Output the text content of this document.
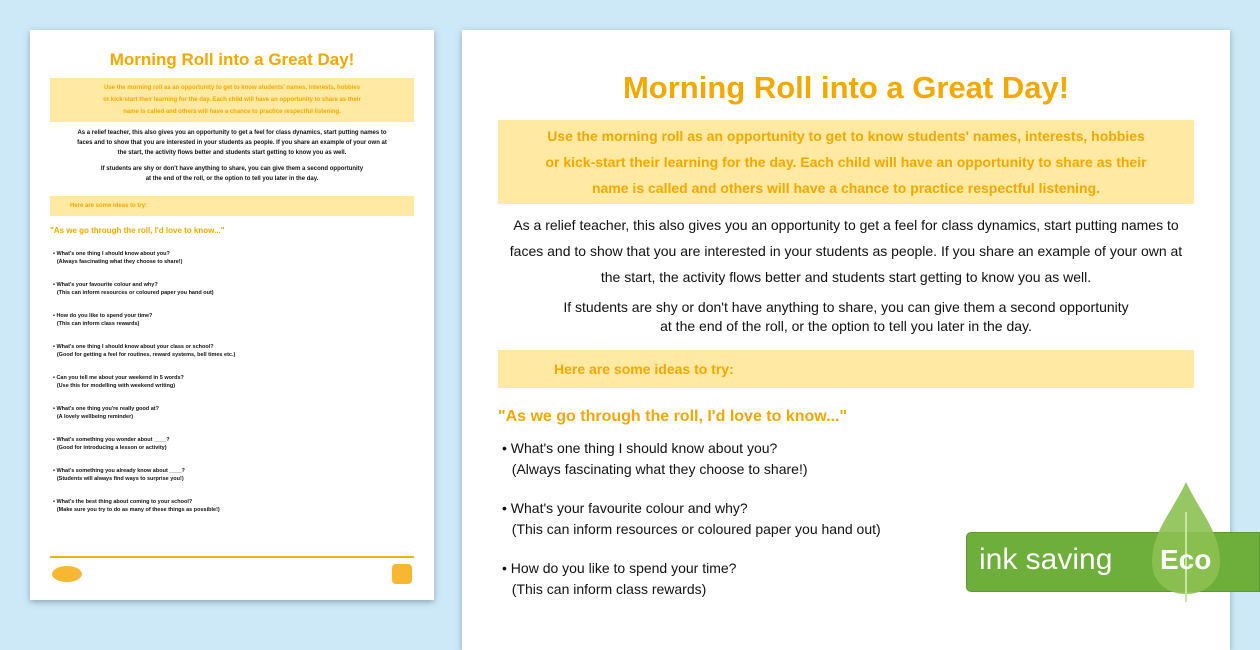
Morning Roll into a Great Day!
Use the morning roll as an opportunity to get to know students' names, interests, hobbies
or kick-start their learning for the day. Each child will have an opportunity to share as their
name is called and others will have a chance to practice respectful listening.
As a relief teacher, this also gives you an opportunity to get a feel for class dynamics, start putting names to
faces and to show that you are interested in your students as people. If you share an example of your own at
the start, the activity flows better and students start getting to know you as well.
If students are shy or don't have anything to share, you can give them a second opportunity
at the end of the roll, or the option to tell you later in the day.
Here are some ideas to try:
"As we go through the roll, I'd love to know..."
• What's one thing I should know about you?
(Always fascinating what they choose to share!)
• What's your favourite colour and why?
(This can inform resources or coloured paper you hand out)
• How do you like to spend your time?
(This can inform class rewards)
• What's one thing I should know about your class or school?
(Good for getting a feel for routines, reward systems, bell times etc.)
• Can you tell me about your weekend in 5 words?
(Use this for modelling with weekend writing)
• What's one thing you're really good at?
(A lovely wellbeing reminder)
• What's something you wonder about ____?
(Good for introducing a lesson or activity)
• What's something you already know about ____?
(Students will always find ways to surprise you!)
• What's the best thing about coming to your school?
(Make sure you try to do as many of these things as possible!)
Morning Roll into a Great Day!
Use the morning roll as an opportunity to get to know students' names, interests, hobbies
or kick-start their learning for the day. Each child will have an opportunity to share as their
name is called and others will have a chance to practice respectful listening.
As a relief teacher, this also gives you an opportunity to get a feel for class dynamics, start putting names to
faces and to show that you are interested in your students as people. If you share an example of your own at
the start, the activity flows better and students start getting to know you as well.
If students are shy or don't have anything to share, you can give them a second opportunity
at the end of the roll, or the option to tell you later in the day.
Here are some ideas to try:
"As we go through the roll, I'd love to know..."
• What's one thing I should know about you?
(Always fascinating what they choose to share!)
• What's your favourite colour and why?
(This can inform resources or coloured paper you hand out)
• How do you like to spend your time?
(This can inform class rewards)
ink saving Eco
